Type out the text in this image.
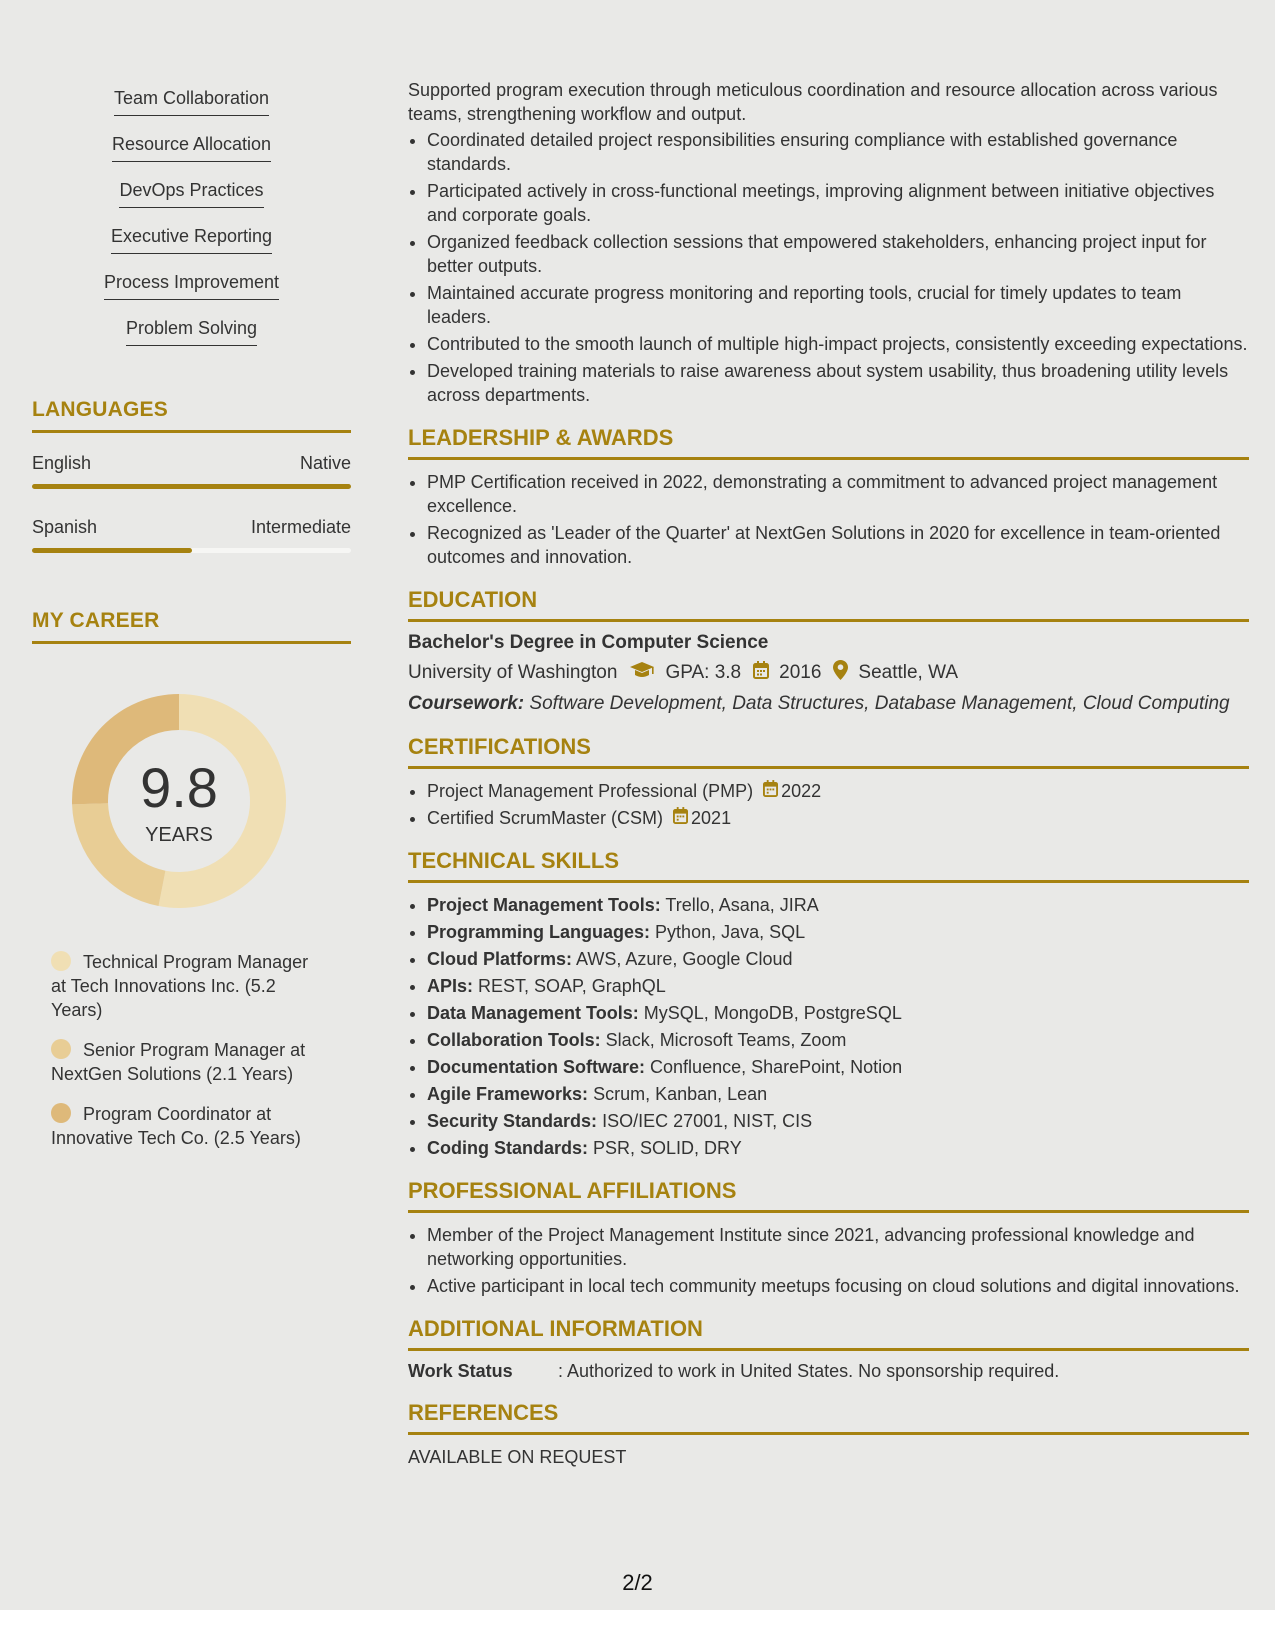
Team Collaboration
Resource Allocation
DevOps Practices
Executive Reporting
Process Improvement
Problem Solving
LANGUAGES
English	Native
Spanish	Intermediate
MY CAREER
9.8
YEARS
Technical Program Manager at Tech Innovations Inc. (5.2 Years)
Senior Program Manager at NextGen Solutions (2.1 Years)
Program Coordinator at Innovative Tech Co. (2.5 Years)

Supported program execution through meticulous coordination and resource allocation across various teams, strengthening workflow and output.

• Coordinated detailed project responsibilities ensuring compliance with established governance standards.
• Participated actively in cross-functional meetings, improving alignment between initiative objectives and corporate goals.
• Organized feedback collection sessions that empowered stakeholders, enhancing project input for better outputs.
• Maintained accurate progress monitoring and reporting tools, crucial for timely updates to team leaders.
• Contributed to the smooth launch of multiple high-impact projects, consistently exceeding expectations.
• Developed training materials to raise awareness about system usability, thus broadening utility levels across departments.
LEADERSHIP & AWARDS
• PMP Certification received in 2022, demonstrating a commitment to advanced project management excellence.
• Recognized as 'Leader of the Quarter' at NextGen Solutions in 2020 for excellence in team-oriented outcomes and innovation.
EDUCATION
Bachelor's Degree in Computer Science
University of Washington	GPA: 3.8 2016 Seattle, WA
Coursework: Software Development, Data Structures, Database Management, Cloud Computing
CERTIFICATIONS
• Project Management Professional (PMP) 2022
• Certified ScrumMaster (CSM) 2021
TECHNICAL SKILLS
• Project Management Tools: Trello, Asana, JIRA
• Programming Languages: Python, Java, SQL
• Cloud Platforms: AWS, Azure, Google Cloud
• APIs: REST, SOAP, GraphQL
• Data Management Tools: MySQL, MongoDB, PostgreSQL
• Collaboration Tools: Slack, Microsoft Teams, Zoom
• Documentation Software: Confluence, SharePoint, Notion
• Agile Frameworks: Scrum, Kanban, Lean
• Security Standards: ISO/IEC 27001, NIST, CIS
• Coding Standards: PSR, SOLID, DRY
PROFESSIONAL AFFILIATIONS
• Member of the Project Management Institute since 2021, advancing professional knowledge and networking opportunities.
• Active participant in local tech community meetups focusing on cloud solutions and digital innovations.
ADDITIONAL INFORMATION
Work Status	: Authorized to work in United States. No sponsorship required.
REFERENCES
AVAILABLE ON REQUEST
2/2
